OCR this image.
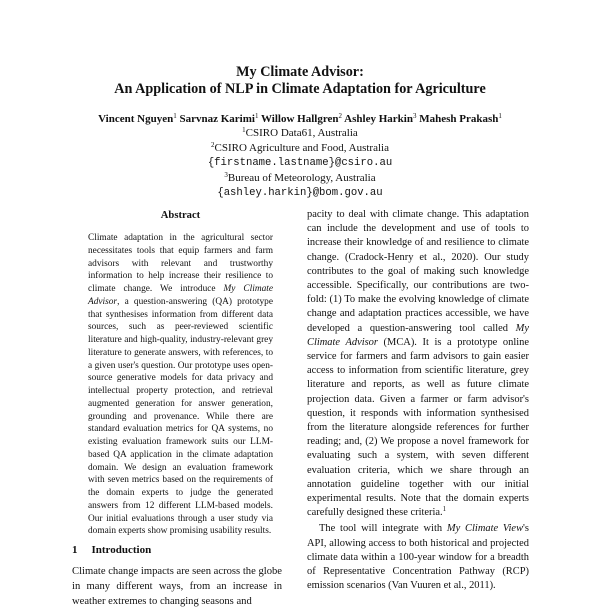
My Climate Advisor:
An Application of NLP in Climate Adaptation for Agriculture
Vincent Nguyen$^1$ Sarvnaz Karimi$^1$ Willow Hallgren$^2$ Ashley Harkin$^3$ Mahesh Prakash$^1$
$^1$CSIRO Data61, Australia
$^2$CSIRO Agriculture and Food, Australia
{firstname.lastname}@csiro.au
$^3$Bureau of Meteorology, Australia
{ashley.harkin}@bom.gov.au
Abstract

Climate adaptation in the agricultural sector necessitates tools that equip farmers and farm advisors with relevant and trustworthy information to help increase their resilience to climate change. We introduce My Climate Advisor, a question-answering (QA) prototype that synthesises information from different data sources, such as peer-reviewed scientific literature and high-quality, industry-relevant grey literature to generate answers, with references, to a given user's question. Our prototype uses open-source generative models for data privacy and intellectual property protection, and retrieval augmented generation for answer generation, grounding and provenance. While there are standard evaluation metrics for QA systems, no existing evaluation framework suits our LLM-based QA application in the climate adaptation domain. We design an evaluation framework with seven metrics based on the requirements of the domain experts to judge the generated answers from 12 different LLM-based models. Our initial evaluations through a user study via domain experts show promising usability results.

1 Introduction
Climate change impacts are seen across the globe in many different ways, from an increase in weather extremes to changing seasons and

pacity to deal with climate change. This adaptation can include the development and use of tools to increase their knowledge of and resilience to climate change. (Cradock-Henry et al., 2020). Our study contributes to the goal of making such knowledge accessible. Specifically, our contributions are two-fold: (1) To make the evolving knowledge of climate change and adaptation practices accessible, we have developed a question-answering tool called My Climate Advisor (MCA). It is a prototype online service for farmers and farm advisors to gain easier access to information from scientific literature, grey literature and reports, as well as future climate projection data. Given a farmer or farm advisor's question, it responds with information synthesised from the literature alongside references for further reading; and, (2) We propose a novel framework for evaluating such a system, with seven different evaluation criteria, which we share through an annotation guideline together with our initial experimental results. Note that the domain experts carefully designed these criteria.$^1$

The tool will integrate with My Climate View's API, allowing access to both historical and projected climate data within a 100-year window for a breadth of Representative Concentration Pathway (RCP) emission scenarios (Van Vuuren et al., 2011).
